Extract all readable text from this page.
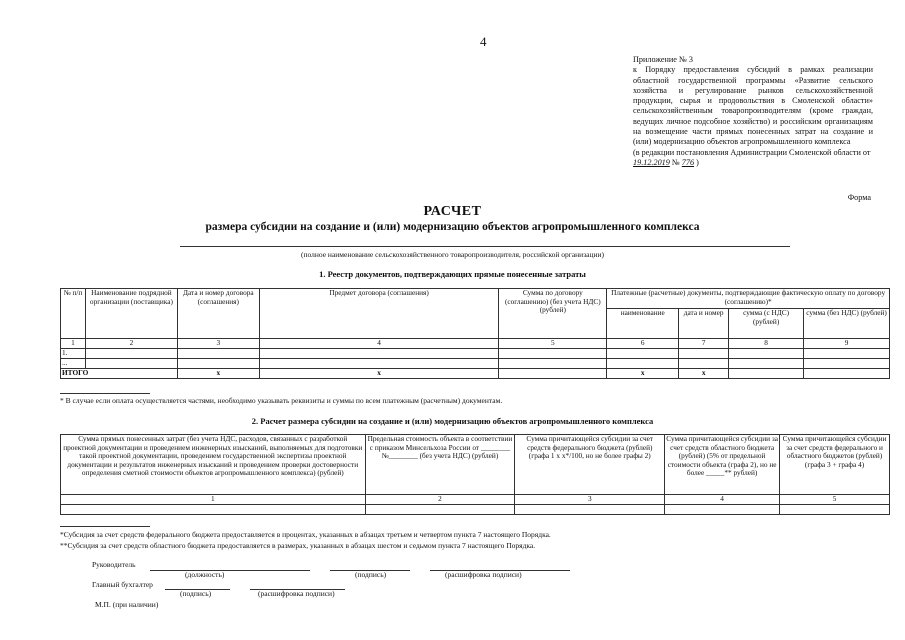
4
Приложение № 3
к Порядку предоставления субсидий в рамках реализации областной государственной программы «Развитие сельского хозяйства и регулирование рынков сельскохозяйственной продукции, сырья и продовольствия в Смоленской области» сельскохозяйственным товаропроизводителям (кроме граждан, ведущих личное подсобное хозяйство) и российским организациям на возмещение части прямых понесенных затрат на создание и (или) модернизацию объектов агропромышленного комплекса
(в редакции постановления Администрации Смоленской области от 19.12.2019 № 776 )
Форма
РАСЧЕТ
размера субсидии на создание и (или) модернизацию объектов агропромышленного комплекса
(полное наименование сельскохозяйственного товаропроизводителя, российской организации)
1. Реестр документов, подтверждающих прямые понесенные затраты
№ п/п	Наименование подрядной организации (поставщика)	Дата и номер договора (соглашения)	Предмет договора (соглашения)	Сумма по договору (соглашению) (без учета НДС) (рублей)	Платежные (расчетные) документы, подтверждающие фактическую оплату по договору (соглашению)*			
					наименование	дата и номер	сумма (с НДС) (рублей)	сумма (без НДС) (рублей)
1	2	3	4	5	6	7	8	9
1.								
...								
ИТОГО		x	x		x	x		
* В случае если оплата осуществляется частями, необходимо указывать реквизиты и суммы по всем платежным (расчетным) документам.
2. Расчет размера субсидии на создание и (или) модернизацию объектов агропромышленного комплекса
Сумма прямых понесенных затрат (без учета НДС, расходов, связанных с разработкой проектной документации и проведением инженерных изысканий, выполняемых для подготовки такой проектной документации, проведением государственной экспертизы проектной документации и результатов инженерных изысканий и проведением проверки достоверности определения сметной стоимости объектов агропромышленного комплекса) (рублей)	Предельная стоимость объекта в соответствии с приказом Минсельхоза России от ________ №________ (без учета НДС) (рублей)	Сумма причитающейся субсидии за счет средств федерального бюджета (рублей) (графа 1 x x*/100, но не более графы 2)	Сумма причитающейся субсидии за счет средств областного бюджета (рублей) (5% от предельной стоимости объекта (графа 2), но не более _____** рублей)	Сумма причитающейся субсидии за счет средств федерального и областного бюджетов (рублей) (графа 3 + графа 4)
1	2	3	4	5

*Субсидия за счет средств федерального бюджета предоставляется в процентах, указанных в абзацах третьем и четвертом пункта 7 настоящего Порядка.
**Субсидия за счет средств областного бюджета предоставляется в размерах, указанных в абзацах шестом и седьмом пункта 7 настоящего Порядка.
Руководитель
(должность)	(подпись)	(расшифровка подписи)
Главный бухгалтер
(подпись)	(расшифровка подписи)
М.П. (при наличии)
